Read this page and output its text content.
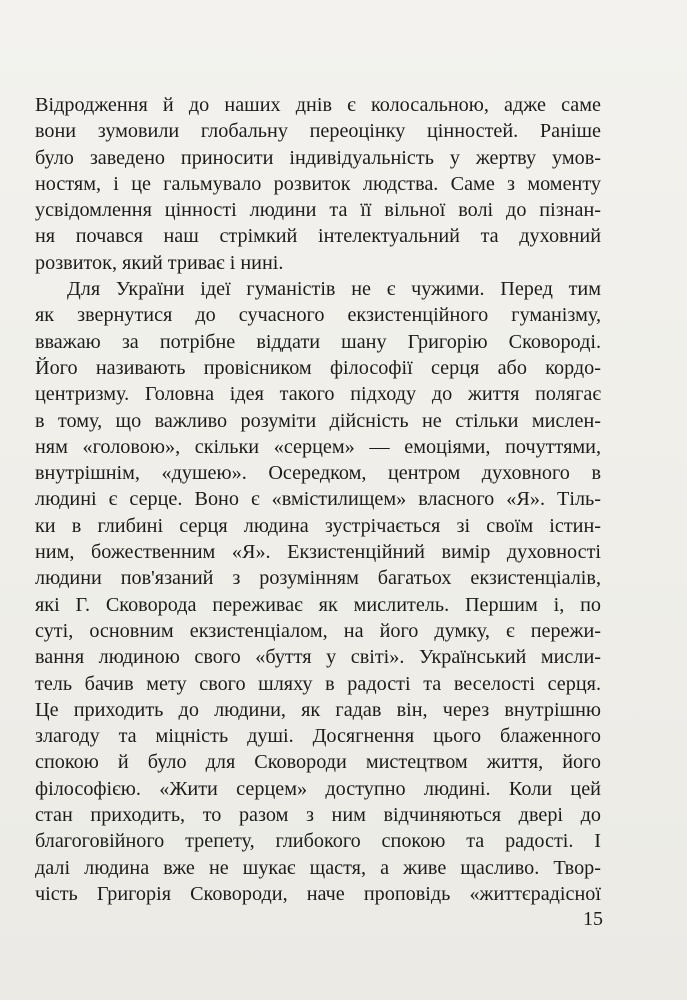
Відродження й до наших днів є колосальною, адже саме
вони зумовили глобальну переоцінку цінностей. Раніше
було заведено приносити індивідуальність у жертву умов-
ностям, і це гальмувало розвиток людства. Саме з моменту
усвідомлення цінності людини та її вільної волі до пізнан-
ня почався наш стрімкий інтелектуальний та духовний
розвиток, який триває і нині.
Для України ідеї гуманістів не є чужими. Перед тим
як звернутися до сучасного екзистенційного гуманізму,
вважаю за потрібне віддати шану Григорію Сковороді.
Його називають провісником філософії серця або кордо-
центризму. Головна ідея такого підходу до життя полягає
в тому, що важливо розуміти дійсність не стільки мислен-
ням «головою», скільки «серцем» — емоціями, почуттями,
внутрішнім, «душею». Осередком, центром духовного в
людині є серце. Воно є «вмістилищем» власного «Я». Тіль-
ки в глибині серця людина зустрічається зі своїм істин-
ним, божественним «Я». Екзистенційний вимір духовності
людини пов'язаний з розумінням багатьох екзистенціалів,
які Г. Сковорода переживає як мислитель. Першим і, по
суті, основним екзистенціалом, на його думку, є пережи-
вання людиною свого «буття у світі». Український мисли-
тель бачив мету свого шляху в радості та веселості серця.
Це приходить до людини, як гадав він, через внутрішню
злагоду та міцність душі. Досягнення цього блаженного
спокою й було для Сковороди мистецтвом життя, його
філософією. «Жити серцем» доступно людині. Коли цей
стан приходить, то разом з ним відчиняються двері до
благоговійного трепету, глибокого спокою та радості. І
далі людина вже не шукає щастя, а живе щасливо. Твор-
чість Григорія Сковороди, наче проповідь «життєрадісної
15
